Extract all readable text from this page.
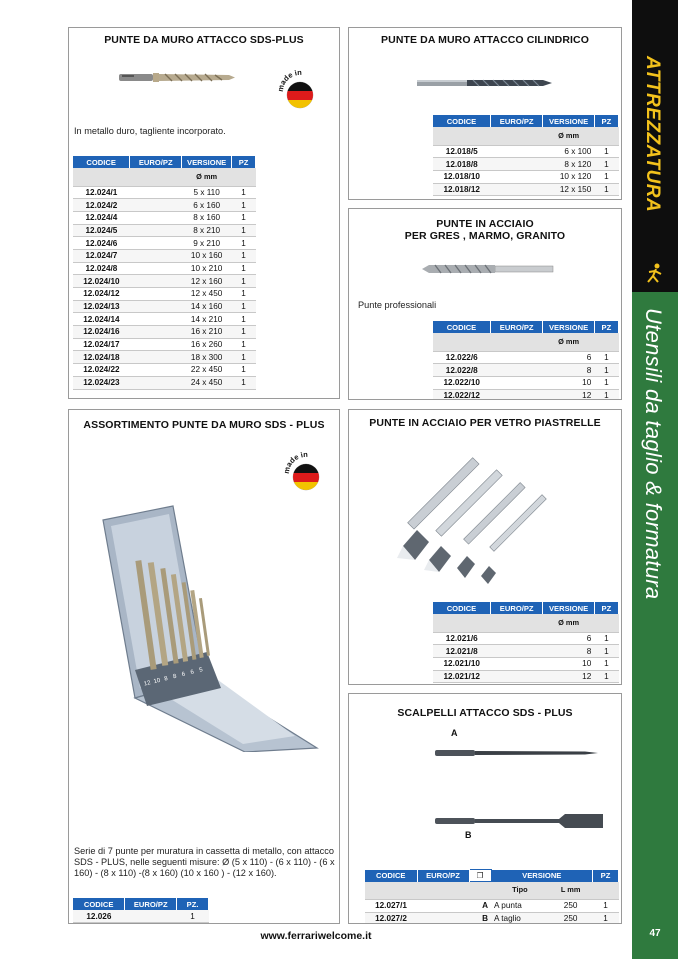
ATTREZZATURA
Utensili da taglio & formatura
47
PUNTE DA MURO ATTACCO SDS-PLUS
made in
In metallo duro, tagliente incorporato.
CODICE	EURO/PZ	VERSIONE	PZ
		Ø mm	
12.024/1		5 x 110	1
12.024/2		6 x 160	1
12.024/4		8 x 160	1
12.024/5		8 x 210	1
12.024/6		9 x 210	1
12.024/7		10 x 160	1
12.024/8		10 x 210	1
12.024/10		12 x 160	1
12.024/12		12 x 450	1
12.024/13		14 x 160	1
12.024/14		14 x 210	1
12.024/16		16 x 210	1
12.024/17		16 x 260	1
12.024/18		18 x 300	1
12.024/22		22 x 450	1
12.024/23		24 x 450	1
PUNTE DA MURO ATTACCO CILINDRICO
CODICE	EURO/PZ	VERSIONE	PZ
		Ø mm	
12.018/5		6 x 100	1
12.018/8		8 x 120	1
12.018/10		10 x 120	1
12.018/12		12 x 150	1
PUNTE IN ACCIAIO
PER GRES , MARMO, GRANITO
Punte professionali
CODICE	EURO/PZ	VERSIONE	PZ
		Ø mm	
12.022/6		6	1
12.022/8		8	1
12.022/10		10	1
12.022/12		12	1
ASSORTIMENTO PUNTE DA MURO SDS - PLUS
made in
12 10 8 8 6 6 5
Serie di 7 punte per muratura in cassetta di metallo, con attacco SDS - PLUS, nelle seguenti misure: Ø (5 x 110) - (6 x 110) - (6 x 160) - (8 x 110) -(8 x 160) (10 x 160 ) - (12 x 160).
CODICE	EURO/PZ	PZ.
12.026		1
PUNTE IN ACCIAIO PER VETRO PIASTRELLE
CODICE	EURO/PZ	VERSIONE	PZ
		Ø mm	
12.021/6		6	1
12.021/8		8	1
12.021/10		10	1
12.021/12		12	1
SCALPELLI ATTACCO SDS - PLUS
A
B
CODICE	EURO/PZ	❐	VERSIONE		PZ
			Tipo	L mm	
12.027/1		A	A punta	250	1
12.027/2		B	A taglio	250	1
www.ferrariwelcome.it
